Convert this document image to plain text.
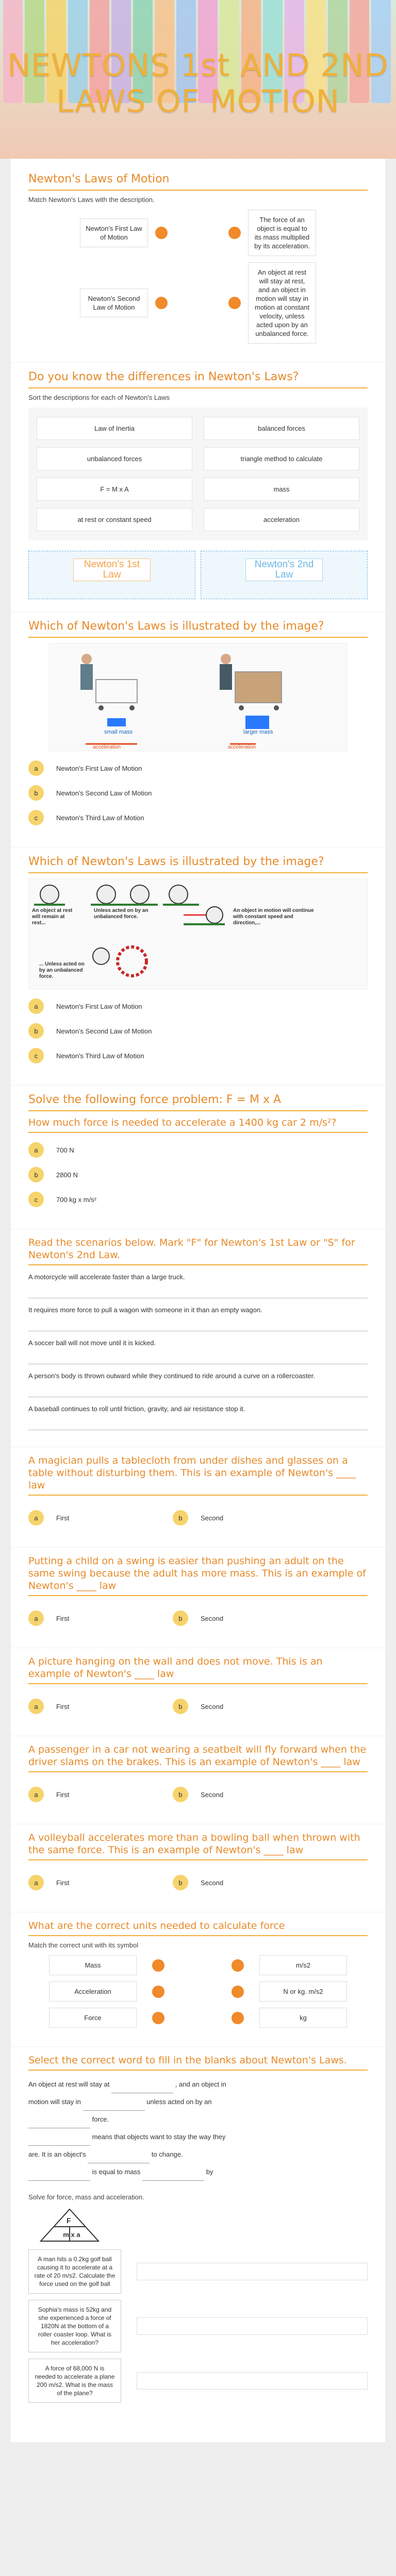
NEWTONS 1st AND 2ND LAWS OF MOTION
Newton's Laws of Motion
Match Newton's Laws with the description.
Newton's First Law of Motion
The force of an object is equal to its mass multiplied by its acceleration.
Newton's Second Law of Motion
An object at rest will stay at rest, and an object in motion will stay in motion at constant velocity, unless acted upon by an unbalanced force.
Do you know the differences in Newton's Laws?
Sort the descriptions for each of Newton's Laws
Law of Inertia	balanced forces
unbalanced forces	triangle method to calculate
F = M x A	mass
at rest or constant speed	acceleration
Newton's 1st Law
Newton's 2nd Law
Which of Newton's Laws is illustrated by the image?
small mass	larger mass
acceleration	acceleration
a	Newton's First Law of Motion
b	Newton's Second Law of Motion
c	Newton's Third Law of Motion
Which of Newton's Laws is illustrated by the image?
An object at rest will remain at rest...
Unless acted on by an unbalanced force.
An object in motion will continue with constant speed and direction,...
... Unless acted on by an unbalanced force.
a	Newton's First Law of Motion
b	Newton's Second Law of Motion
c	Newton's Third Law of Motion
Solve the following force problem: F = M x A
How much force is needed to accelerate a 1400 kg car 2 m/s²?
a	700 N
b	2800 N
c	700 kg x m/s²
Read the scenarios below. Mark "F" for Newton's 1st Law or "S" for Newton's 2nd Law.
A motorcycle will accelerate faster than a large truck.
It requires more force to pull a wagon with someone in it than an empty wagon.
A soccer ball will not move until it is kicked.
A person's body is thrown outward while they continued to ride around a curve on a rollercoaster.
A baseball continues to roll until friction, gravity, and air resistance stop it.
A magician pulls a tablecloth from under dishes and glasses on a table without disturbing them. This is an example of Newton's ____ law
a	First	b	Second
Putting a child on a swing is easier than pushing an adult on the same swing because the adult has more mass. This is an example of Newton's ____ law
a	First	b	Second
A picture hanging on the wall and does not move. This is an example of Newton's ____ law
a	First	b	Second
A passenger in a car not wearing a seatbelt will fly forward when the driver slams on the brakes. This is an example of Newton's ____ law
a	First	b	Second
A volleyball accelerates more than a bowling ball when thrown with the same force. This is an example of Newton's ____ law
a	First	b	Second
What are the correct units needed to calculate force
Match the correct unit with its symbol
Mass	m/s2
Acceleration	N or kg. m/s2
Force	kg
Select the correct word to fill in the blanks about Newton's Laws.
An object at rest will stay at	, and an object in
motion will stay in	unless acted on by an
force.
means that objects want to stay the way they
are. It is an object's	to change.
is equal to mass	by
Solve for force, mass and acceleration.
F
m x a
A man hits a 0.2kg golf ball causing it to accelerate at a rate of 20 m/s2. Calculate the force used on the golf ball
Sophia's mass is 52kg and she experienced a force of 1820N at the bottom of a roller coaster loop. What is her acceleration?
A force of 68,000 N is needed to accelerate a plane 200 m/s2. What is the mass of the plane?
